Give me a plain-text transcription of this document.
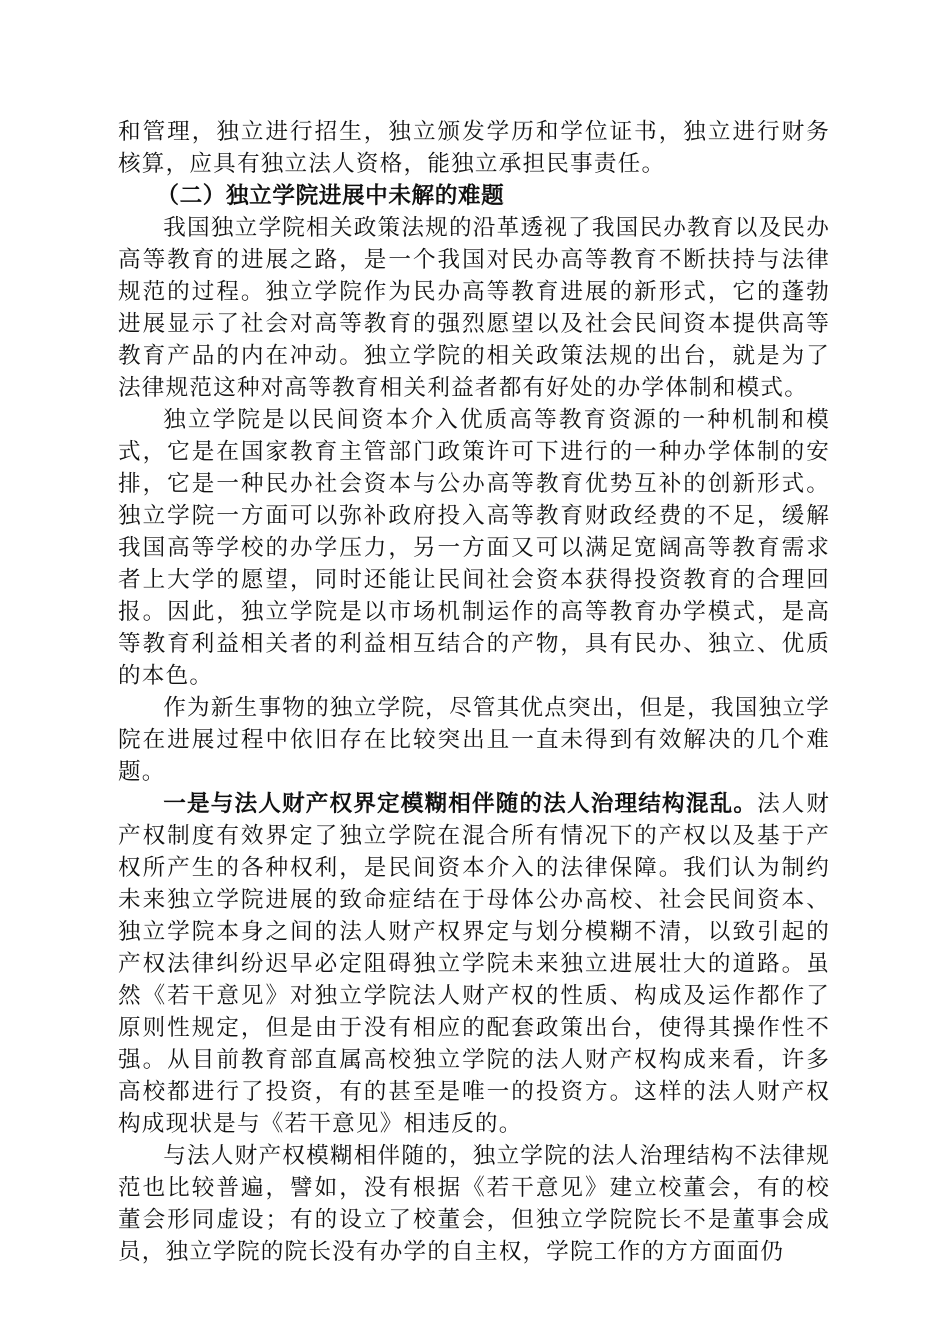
和管理，独立进行招生，独立颁发学历和学位证书，独立进行财务核算，应具有独立法人资格，能独立承担民事责任。

（二）独立学院进展中未解的难题

我国独立学院相关政策法规的沿革透视了我国民办教育以及民办高等教育的进展之路，是一个我国对民办高等教育不断扶持与法律规范的过程。独立学院作为民办高等教育进展的新形式，它的蓬勃进展显示了社会对高等教育的强烈愿望以及社会民间资本提供高等教育产品的内在冲动。独立学院的相关政策法规的出台，就是为了法律规范这种对高等教育相关利益者都有好处的办学体制和模式。

独立学院是以民间资本介入优质高等教育资源的一种机制和模式，它是在国家教育主管部门政策许可下进行的一种办学体制的安排，它是一种民办社会资本与公办高等教育优势互补的创新形式。独立学院一方面可以弥补政府投入高等教育财政经费的不足，缓解我国高等学校的办学压力，另一方面又可以满足宽阔高等教育需求者上大学的愿望，同时还能让民间社会资本获得投资教育的合理回报。因此，独立学院是以市场机制运作的高等教育办学模式，是高等教育利益相关者的利益相互结合的产物，具有民办、独立、优质的本色。

作为新生事物的独立学院，尽管其优点突出，但是，我国独立学院在进展过程中依旧存在比较突出且一直未得到有效解决的几个难题。

一是与法人财产权界定模糊相伴随的法人治理结构混乱。法人财产权制度有效界定了独立学院在混合所有情况下的产权以及基于产权所产生的各种权利，是民间资本介入的法律保障。我们认为制约未来独立学院进展的致命症结在于母体公办高校、社会民间资本、独立学院本身之间的法人财产权界定与划分模糊不清，以致引起的产权法律纠纷迟早必定阻碍独立学院未来独立进展壮大的道路。虽然《若干意见》对独立学院法人财产权的性质、构成及运作都作了原则性规定，但是由于没有相应的配套政策出台，使得其操作性不强。从目前教育部直属高校独立学院的法人财产权构成来看，许多高校都进行了投资，有的甚至是唯一的投资方。这样的法人财产权构成现状是与《若干意见》相违反的。

与法人财产权模糊相伴随的，独立学院的法人治理结构不法律规范也比较普遍，譬如，没有根据《若干意见》建立校董会，有的校董会形同虚设；有的设立了校董会，但独立学院院长不是董事会成员，独立学院的院长没有办学的自主权，学院工作的方方面面仍
